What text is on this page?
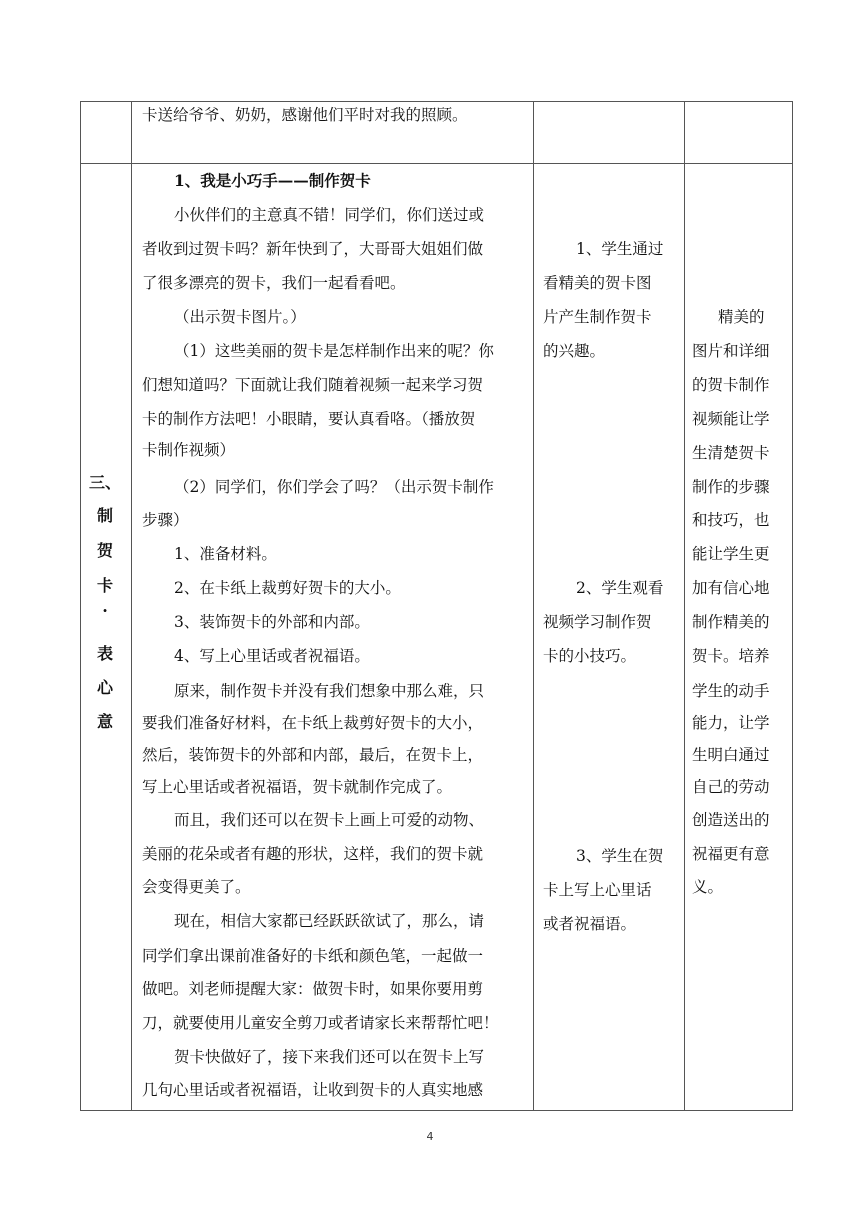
卡送给爷爷、奶奶，感谢他们平时对我的照顾。
三、
制
贺
卡
·
表
心
意
1、我是小巧手——制作贺卡
小伙伴们的主意真不错！同学们，你们送过或
者收到过贺卡吗？新年快到了，大哥哥大姐姐们做
了很多漂亮的贺卡，我们一起看看吧。
（出示贺卡图片。）
（1）这些美丽的贺卡是怎样制作出来的呢？你
们想知道吗？下面就让我们随着视频一起来学习贺
卡的制作方法吧！小眼睛，要认真看咯。（播放贺
卡制作视频）
（2）同学们，你们学会了吗？（出示贺卡制作
步骤）
1、准备材料。
2、在卡纸上裁剪好贺卡的大小。
3、装饰贺卡的外部和内部。
4、写上心里话或者祝福语。
原来，制作贺卡并没有我们想象中那么难，只
要我们准备好材料，在卡纸上裁剪好贺卡的大小，
然后，装饰贺卡的外部和内部，最后，在贺卡上，
写上心里话或者祝福语，贺卡就制作完成了。
而且，我们还可以在贺卡上画上可爱的动物、
美丽的花朵或者有趣的形状，这样，我们的贺卡就
会变得更美了。
现在，相信大家都已经跃跃欲试了，那么，请
同学们拿出课前准备好的卡纸和颜色笔，一起做一
做吧。刘老师提醒大家：做贺卡时，如果你要用剪
刀，就要使用儿童安全剪刀或者请家长来帮帮忙吧！
贺卡快做好了，接下来我们还可以在贺卡上写
几句心里话或者祝福语，让收到贺卡的人真实地感
1、学生通过
看精美的贺卡图
片产生制作贺卡
的兴趣。
2、学生观看
视频学习制作贺
卡的小技巧。
3、学生在贺
卡上写上心里话
或者祝福语。
精美的
图片和详细
的贺卡制作
视频能让学
生清楚贺卡
制作的步骤
和技巧，也
能让学生更
加有信心地
制作精美的
贺卡。培养
学生的动手
能力，让学
生明白通过
自己的劳动
创造送出的
祝福更有意
义。
4
